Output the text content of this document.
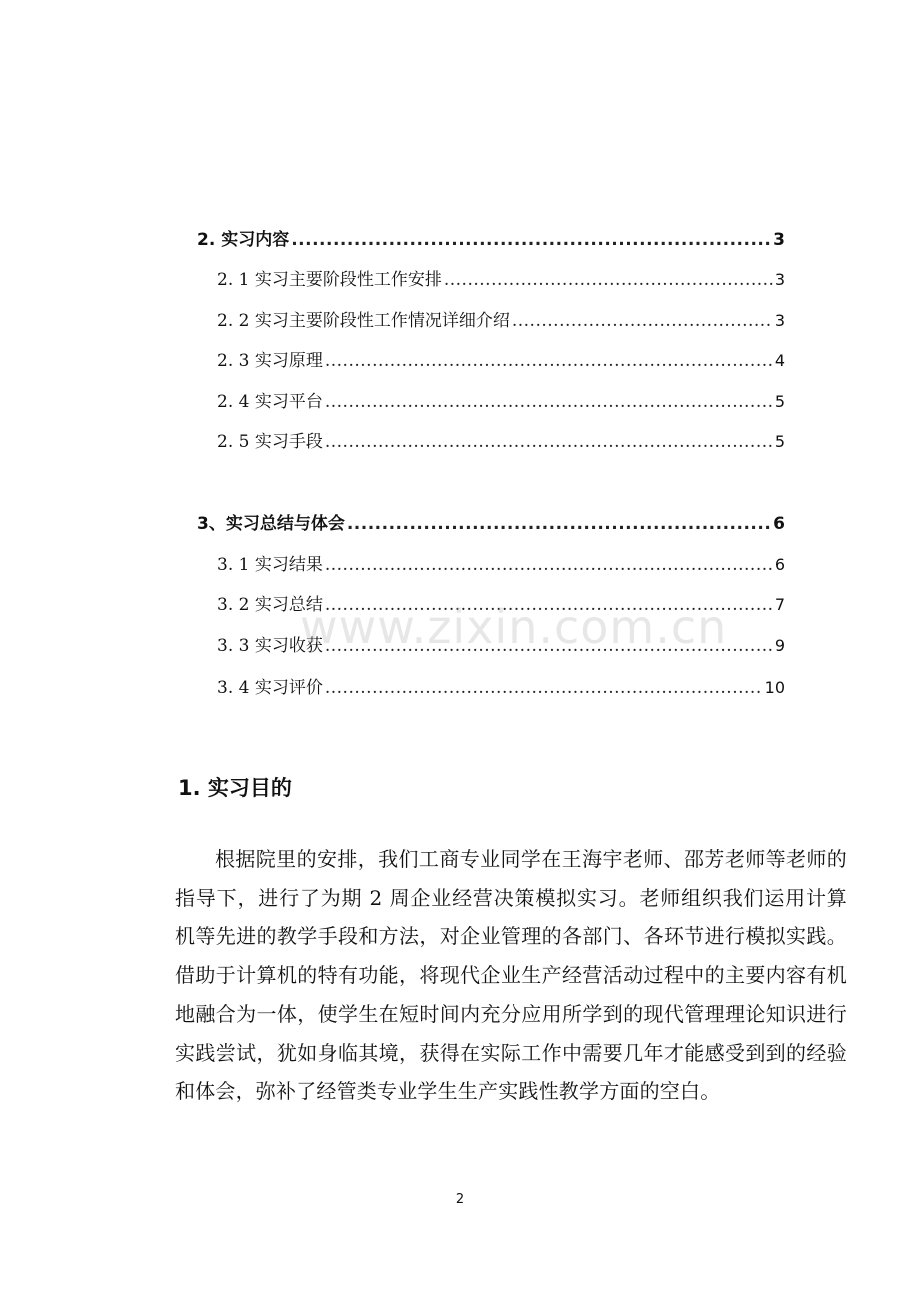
2. 实习内容 .....	3
2. 1 实习主要阶段性工作安排 .....	3
2. 2 实习主要阶段性工作情况详细介绍 .....	3
2. 3 实习原理 .....	4
2. 4 实习平台 .....	5
2. 5 实习手段 .....	5
3、实习总结与体会 .....	6
3. 1 实习结果 .....	6
3. 2 实习总结 .....	7
3. 3 实习收获 .....	9
3. 4 实习评价 .....	10
www.zixin.com.cn
1. 实习目的

根据院里的安排，我们工商专业同学在王海宇老师、邵芳老师等老师的指导下，进行了为期 2 周企业经营决策模拟实习。老师组织我们运用计算机等先进的教学手段和方法，对企业管理的各部门、各环节进行模拟实践。借助于计算机的特有功能，将现代企业生产经营活动过程中的主要内容有机地融合为一体，使学生在短时间内充分应用所学到的现代管理理论知识进行实践尝试，犹如身临其境，获得在实际工作中需要几年才能感受到到的经验和体会，弥补了经管类专业学生生产实践性教学方面的空白。

2
